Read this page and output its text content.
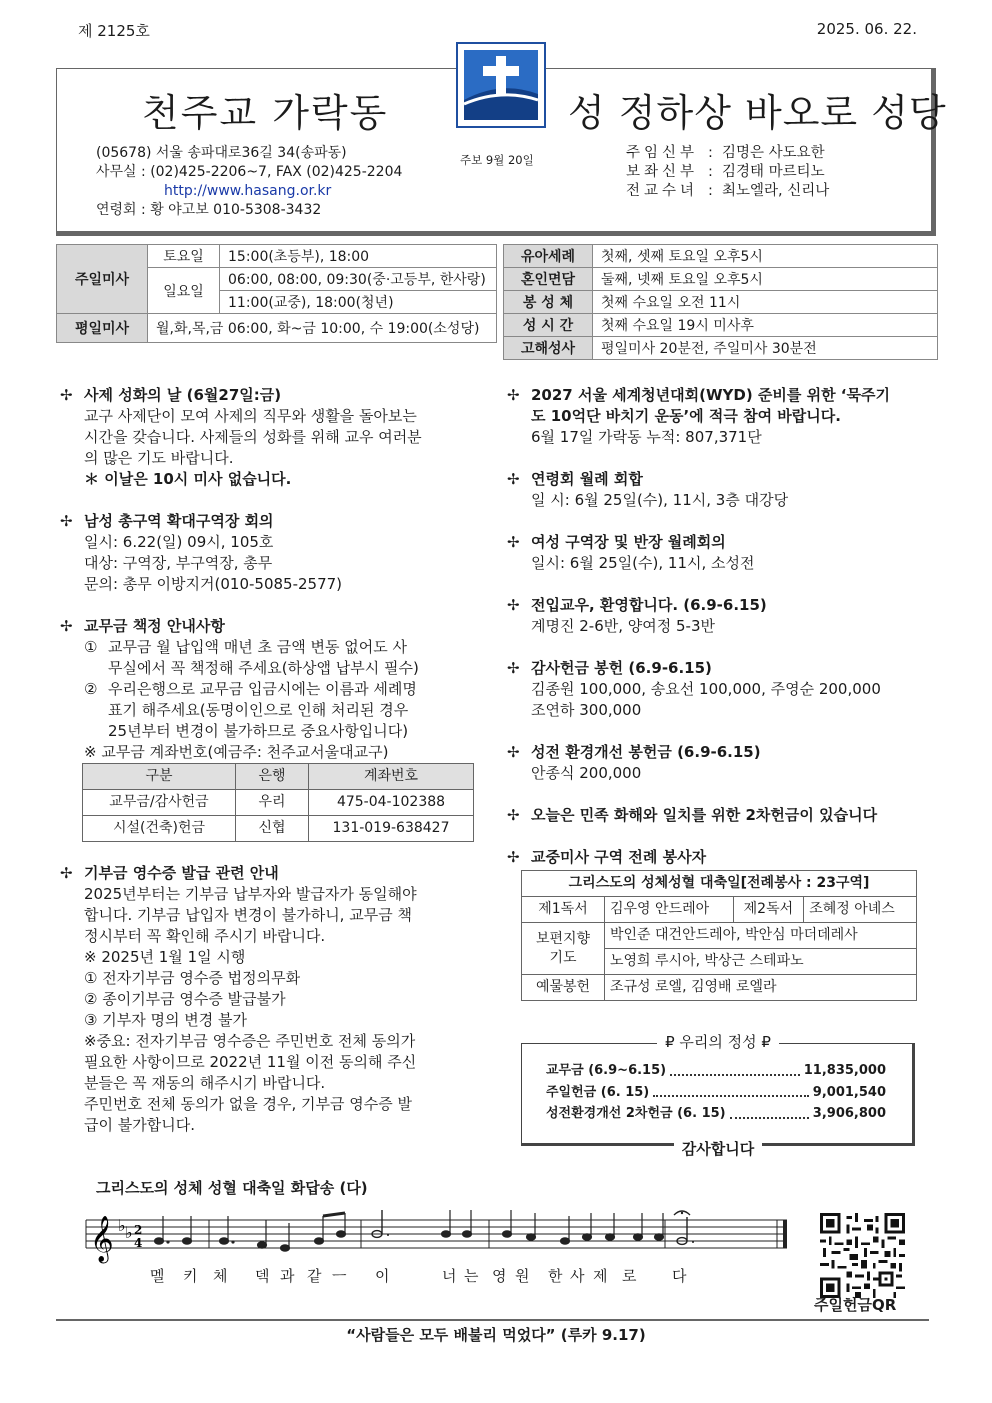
제 2125호	2025. 06. 22.
천주교 가락동	성 정하상 바오로 성당
(05678) 서울 송파대로36길 34(송파동)
사무실 : (02)425-2206~7, FAX (02)425-2204
http://www.hasang.or.kr
연령회 : 황 야고보 010-5308-3432
주보 9월 20일	주임신부 : 김명은 사도요한
보좌신부 : 김경태 마르티노
전교수녀 : 최노엘라, 신리나
주일미사	토요일	15:00(초등부), 18:00
	일요일	06:00, 08:00, 09:30(중·고등부, 한사랑)
		11:00(교중), 18:00(청년)
평일미사	월,화,목,금 06:00, 화~금 10:00, 수 19:00(소성당)	
유아세례	첫째, 셋째 토요일 오후5시
혼인면담	둘째, 넷째 토요일 오후5시
봉 성 체	첫째 수요일 오전 11시
성 시 간	첫째 수요일 19시 미사후
고해성사	평일미사 20분전, 주일미사 30분전
✢ 사제 성화의 날 (6월27일:금)
교구 사제단이 모여 사제의 직무와 생활을 돌아보는
시간을 갖습니다. 사제들의 성화를 위해 교우 여러분
의 많은 기도 바랍니다.
＊ 이날은 10시 미사 없습니다.
✢ 남성 총구역 확대구역장 회의
일시: 6.22(일) 09시, 105호
대상: 구역장, 부구역장, 총무
문의: 총무 이방지거(010-5085-2577)
✢ 교무금 책정 안내사항
① 교무금 월 납입액 매년 초 금액 변동 없어도 사
무실에서 꼭 책정해 주세요(하상앱 납부시 필수)
② 우리은행으로 교무금 입금시에는 이름과 세례명
표기 해주세요(동명이인으로 인해 처리된 경우
25년부터 변경이 불가하므로 중요사항입니다)
※ 교무금 계좌번호(예금주: 천주교서울대교구)
구분	은행	계좌번호
교무금/감사헌금	우리	475-04-102388
시설(건축)헌금	신협	131-019-638427
✢ 기부금 영수증 발급 관련 안내
2025년부터는 기부금 납부자와 발급자가 동일해야
합니다. 기부금 납입자 변경이 불가하니, 교무금 책
정시부터 꼭 확인해 주시기 바랍니다.
※ 2025년 1월 1일 시행
① 전자기부금 영수증 법정의무화
② 종이기부금 영수증 발급불가
③ 기부자 명의 변경 불가
※중요: 전자기부금 영수증은 주민번호 전체 동의가
필요한 사항이므로 2022년 11월 이전 동의해 주신
분들은 꼭 재동의 해주시기 바랍니다.
주민번호 전체 동의가 없을 경우, 기부금 영수증 발
급이 불가합니다.
✢ 2027 서울 세계청년대회(WYD) 준비를 위한 ‘묵주기
도 10억단 바치기 운동’에 적극 참여 바랍니다.
6월 17일 가락동 누적: 807,371단
✢ 연령회 월례 회합
일 시: 6월 25일(수), 11시, 3층 대강당
✢ 여성 구역장 및 반장 월례회의
일시: 6월 25일(수), 11시, 소성전
✢ 전입교우, 환영합니다. (6.9-6.15)
계명진 2-6반, 양여정 5-3반
✢ 감사헌금 봉헌 (6.9-6.15)
김종원 100,000, 송요선 100,000, 주영순 200,000
조연하 300,000
✢ 성전 환경개선 봉헌금 (6.9-6.15)
안종식 200,000
✢ 오늘은 민족 화해와 일치를 위한 2차헌금이 있습니다
✢ 교중미사 구역 전례 봉사자
그리스도의 성체성혈 대축일[전례봉사 : 23구역]			
제1독서	김우영 안드레아	제2독서	조혜정 아녜스

보편지향
기도	박인준 대건안드레아, 박안심 마더데레사		
	노영희 루시아, 박상근 스테파노		
예물봉헌	조규성 로엘, 김영배 로엘라		
₽ 우리의 정성 ₽
교무금 (6.9~6.15)	11,835,000
주일헌금 (6. 15)	9,001,540
성전환경개선 2차헌금 (6. 15)	3,906,800
감사합니다
그리스도의 성체 성혈 대축일 화답송 (다)
𝄞 ♭ ♭ 2
4
멜 키 체 덱 과 같 ㅡ 이	너 는 영 원 한 사 제 로 다
주일헌금QR
“사람들은 모두 배불리 먹었다” (루카 9.17)
